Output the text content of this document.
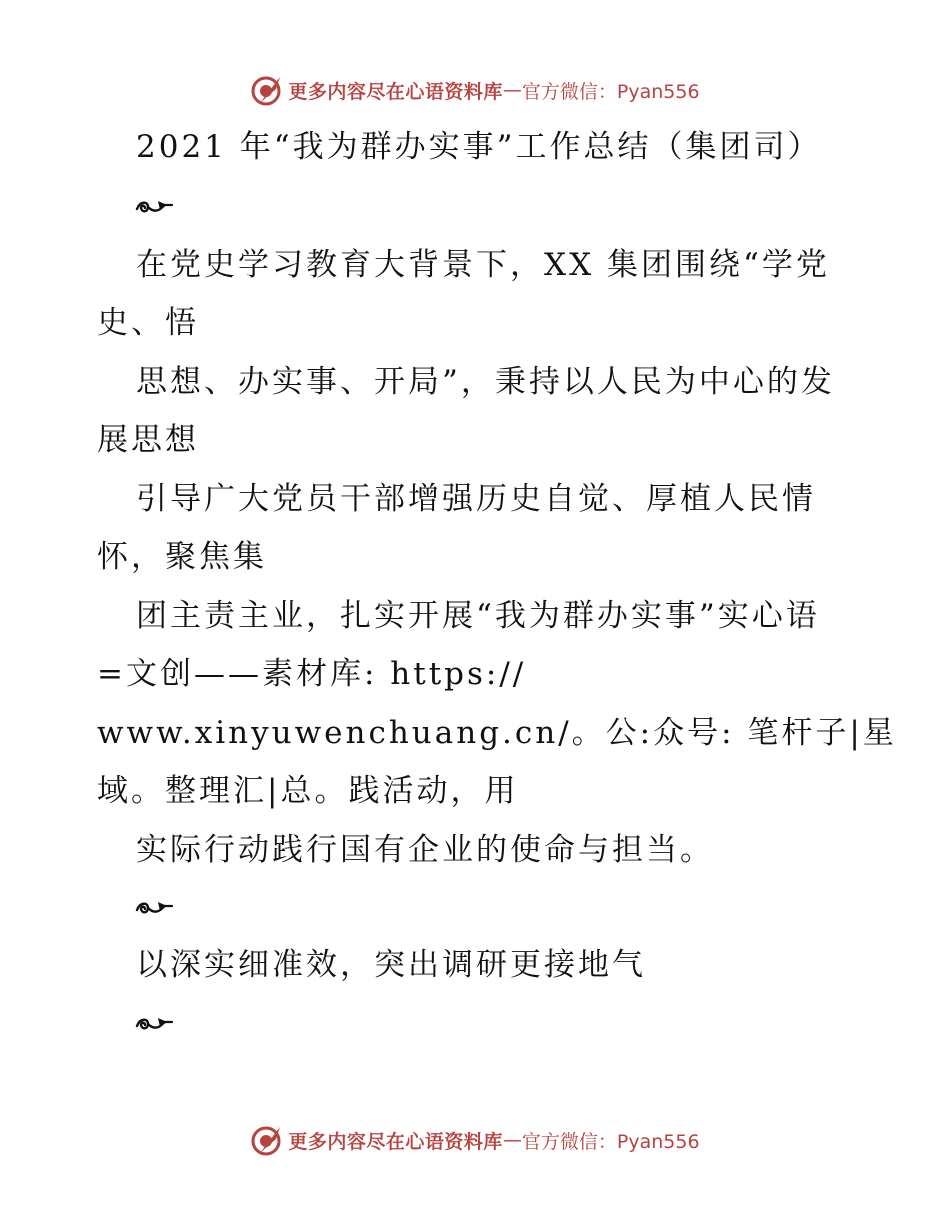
更多内容尽在心语资料库 — 官方微信：Pyan556
2021 年“我为群办实事”工作总结（集团司）
在党史学习教育大背景下，XX 集团围绕“学党
史、悟
思想、办实事、开局”，秉持以人民为中心的发
展思想
引导广大党员干部增强历史自觉、厚植人民情
怀，聚焦集
团主责主业，扎实开展“我为群办实事”实心语
=文创——素材库: https://
www.xinyuwenchuang.cn/。公:众号: 笔杆子|星
域。整理汇|总。践活动，用
实际行动践行国有企业的使命与担当。
以深实细准效，突出调研更接地气
更多内容尽在心语资料库 — 官方微信：Pyan556
